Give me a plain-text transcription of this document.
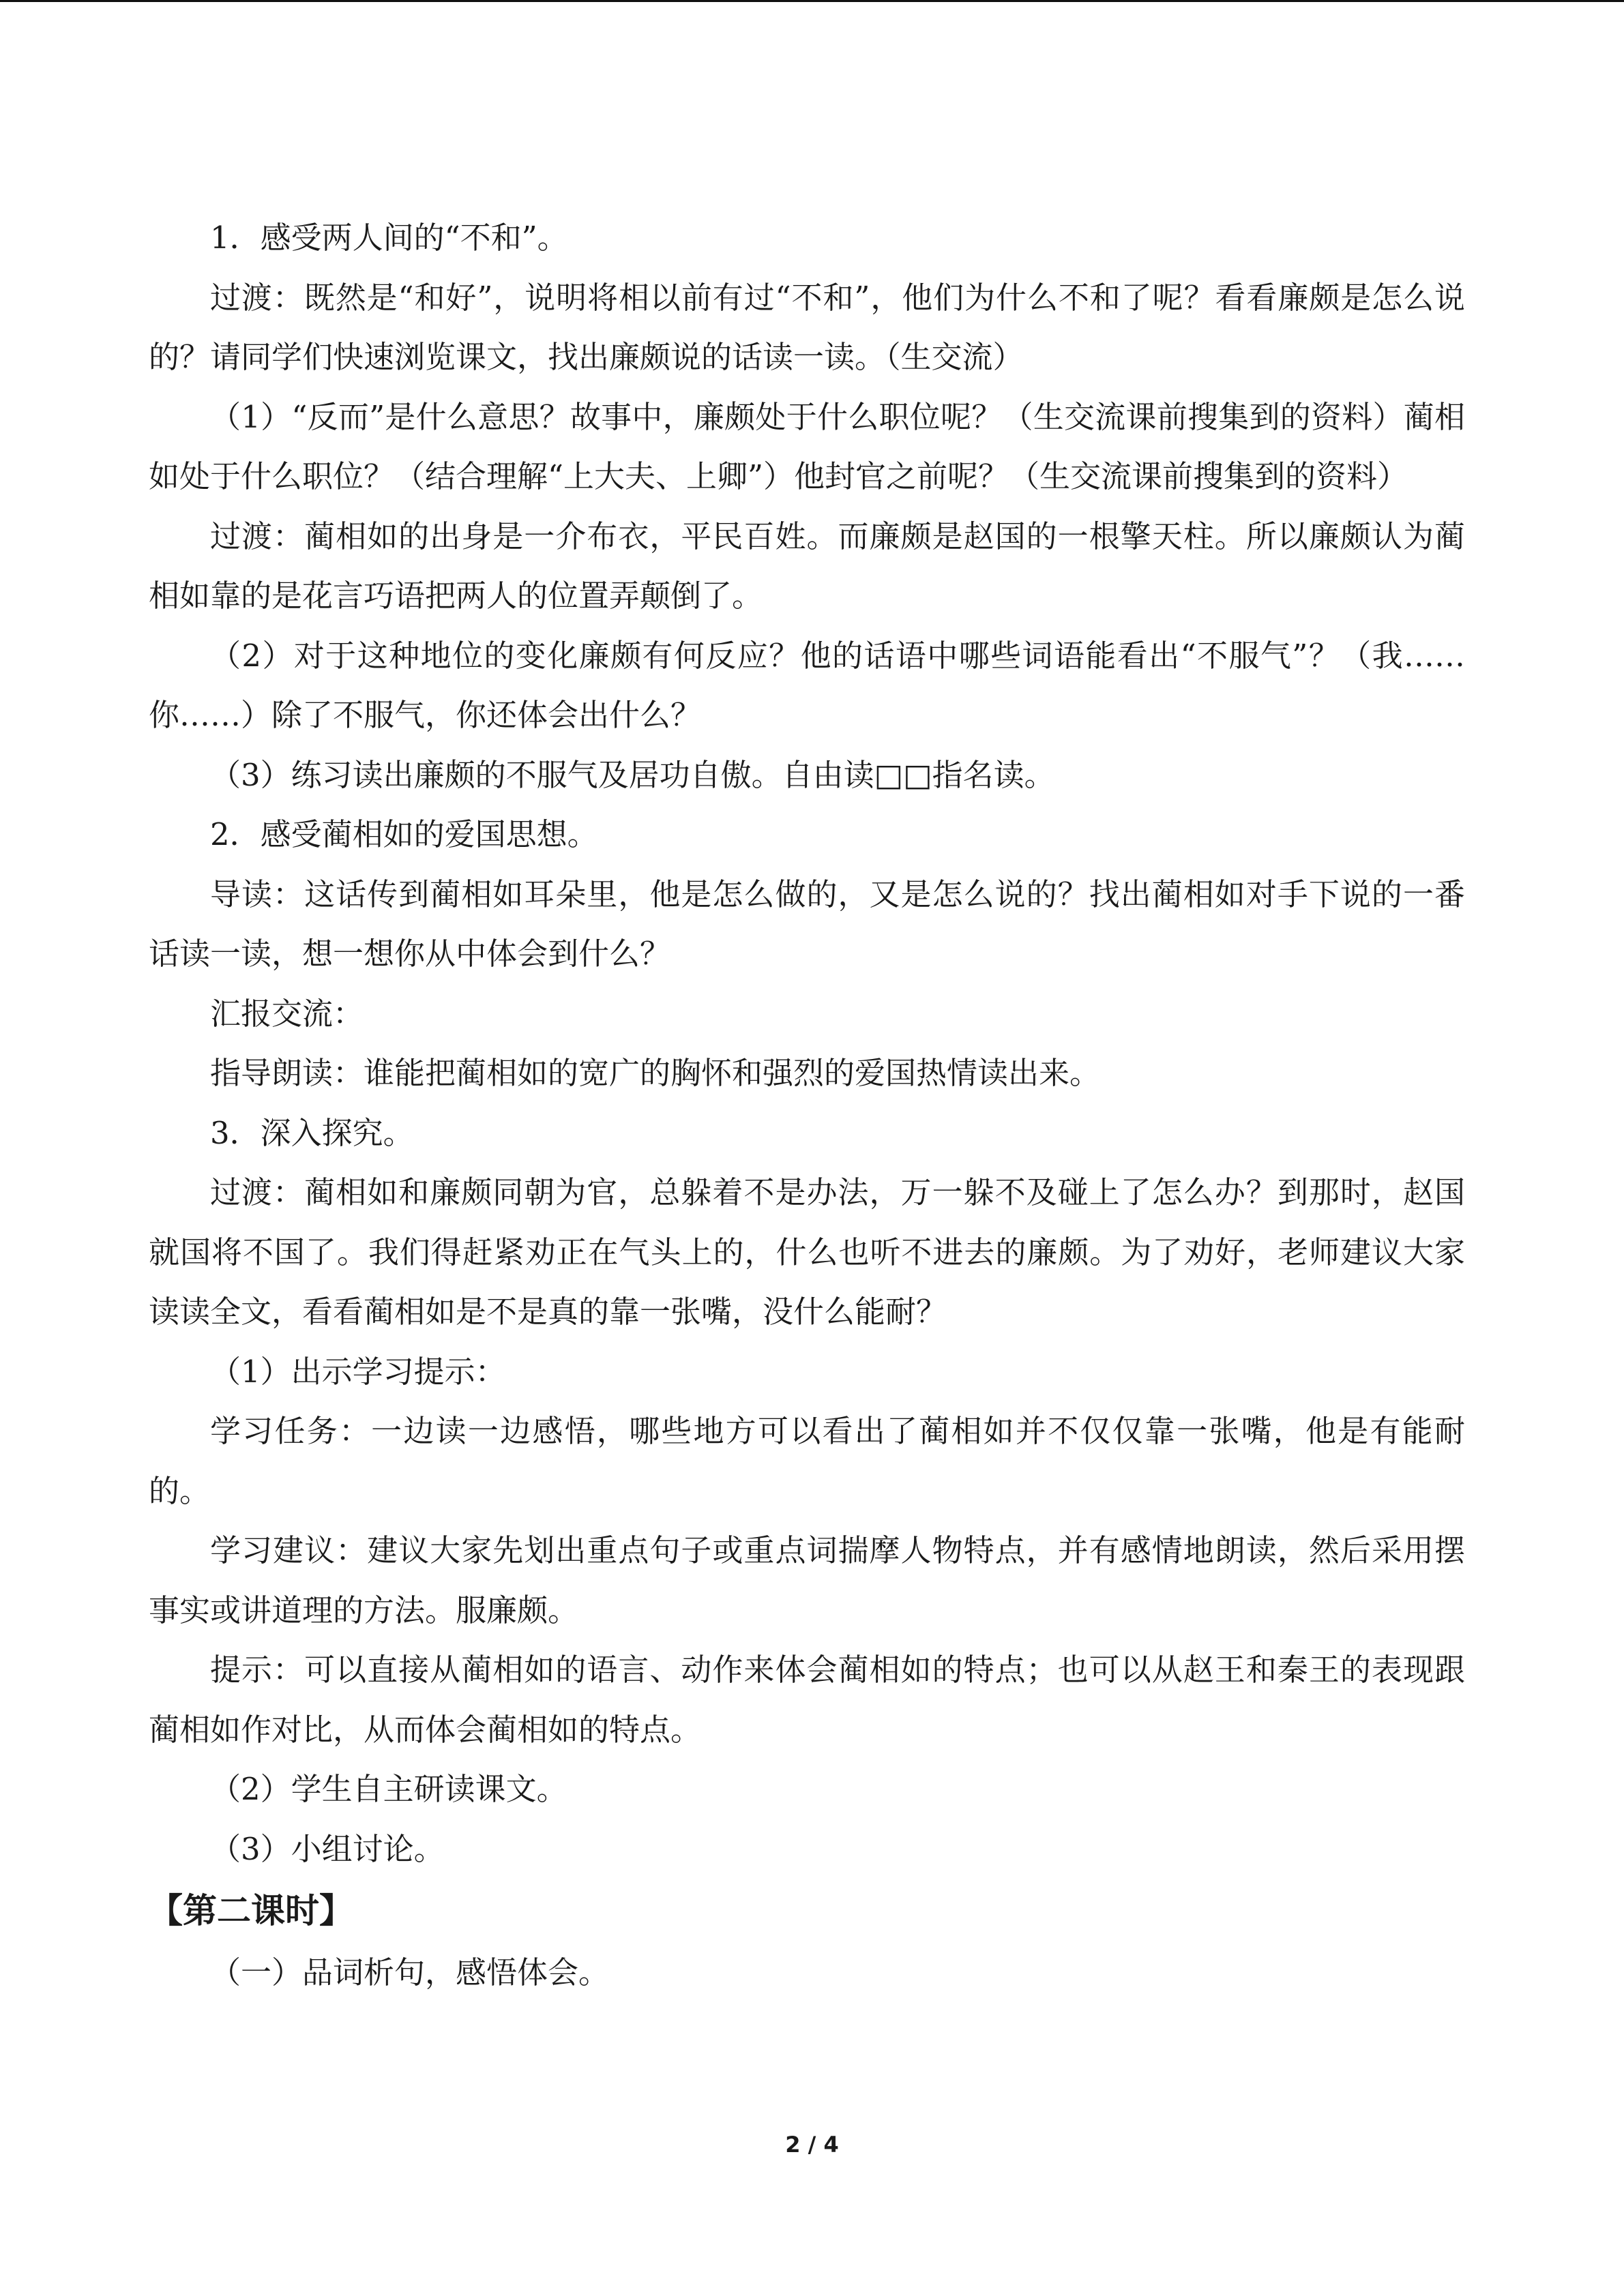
1．感受两人间的“不和”。

过渡：既然是“和好”，说明将相以前有过“不和”，他们为什么不和了呢？看看廉颇是怎么说的？请同学们快速浏览课文，找出廉颇说的话读一读。（生交流）

（1）“反而”是什么意思？故事中，廉颇处于什么职位呢？（生交流课前搜集到的资料）蔺相如处于什么职位？（结合理解“上大夫、上卿”）他封官之前呢？（生交流课前搜集到的资料）

过渡：蔺相如的出身是一介布衣，平民百姓。而廉颇是赵国的一根擎天柱。所以廉颇认为蔺相如靠的是花言巧语把两人的位置弄颠倒了。

（2）对于这种地位的变化廉颇有何反应？他的话语中哪些词语能看出“不服气”？（我……你……）除了不服气，你还体会出什么？

（3）练习读出廉颇的不服气及居功自傲。自由读□□指名读。

2．感受蔺相如的爱国思想。

导读：这话传到蔺相如耳朵里，他是怎么做的，又是怎么说的？找出蔺相如对手下说的一番话读一读，想一想你从中体会到什么？

汇报交流：

指导朗读：谁能把蔺相如的宽广的胸怀和强烈的爱国热情读出来。

3．深入探究。

过渡：蔺相如和廉颇同朝为官，总躲着不是办法，万一躲不及碰上了怎么办？到那时，赵国就国将不国了。我们得赶紧劝正在气头上的，什么也听不进去的廉颇。为了劝好，老师建议大家读读全文，看看蔺相如是不是真的靠一张嘴，没什么能耐？

（1）出示学习提示：

学习任务：一边读一边感悟，哪些地方可以看出了蔺相如并不仅仅靠一张嘴，他是有能耐的。

学习建议：建议大家先划出重点句子或重点词揣摩人物特点，并有感情地朗读，然后采用摆事实或讲道理的方法。服廉颇。

提示：可以直接从蔺相如的语言、动作来体会蔺相如的特点；也可以从赵王和秦王的表现跟蔺相如作对比，从而体会蔺相如的特点。

（2）学生自主研读课文。

（3）小组讨论。

【第二课时】

（一）品词析句，感悟体会。

2 / 4
